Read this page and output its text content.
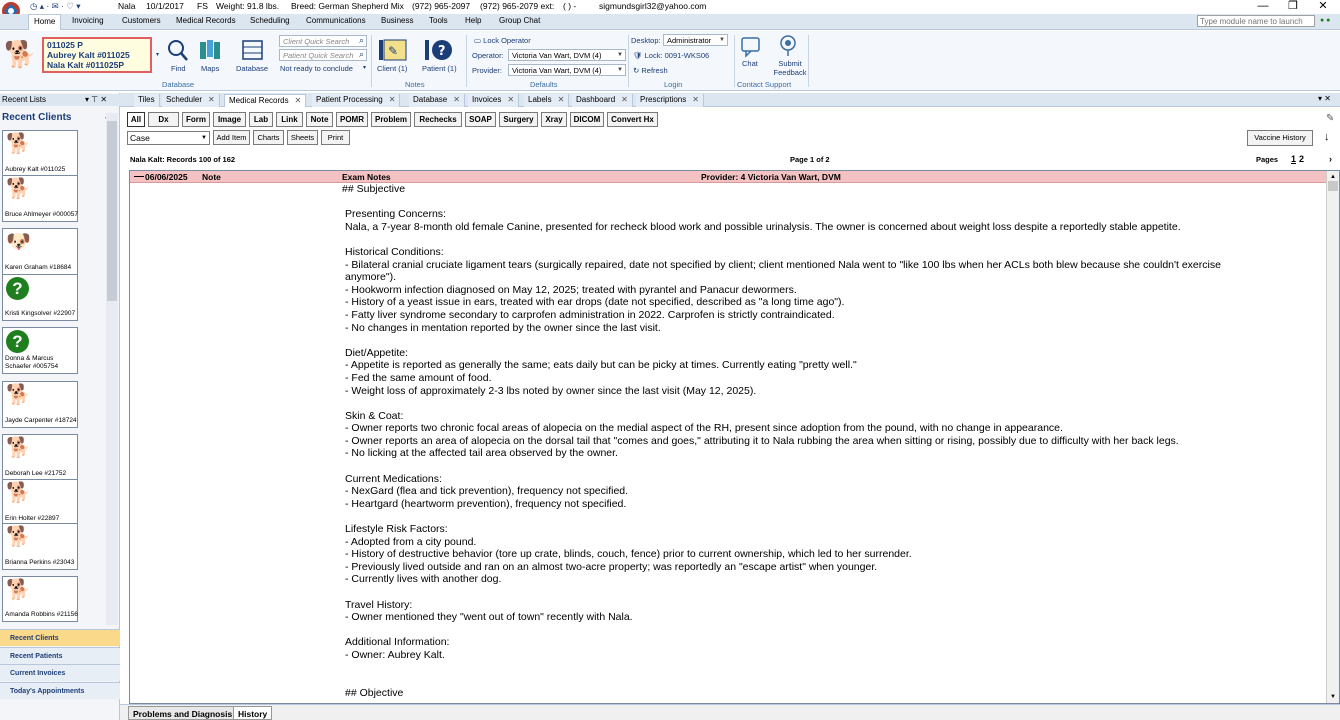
◷ ▴ · ✉ · ♡ ▾	Nala 10/1/2017 FS Weight: 91.8 lbs. Breed: German Shepherd Mix (972) 965-2097 (972) 965-2079 ext: ( ) -	sigmundsgirl32@yahoo.com	—	❐	✕
Home	Invoicing Customers Medical Records Scheduling Communications Business Tools Help Group Chat
Type module name to launch	● ●
🐕 011025 P
Aubrey Kalt #011025
Nala Kalt #011025P
▾
Find Maps Database
Client Quick Search ⌕
Patient Quick Search ⌕
Not ready to conclude ▾
Database
✎
Client (1)
?
Patient (1)
Notes
▭ Lock Operator
Operator:	Victoria Van Wart, DVM (4)	▼
Provider:	Victoria Van Wart, DVM (4)	▼
Defaults
Desktop: Administrator ▼
🛡 Lock: 0091-WKS06
↻ Refresh
Login
Chat	Submit Feedback
Contact Support
Recent Lists	▾ ⊤ ✕
Recent Clients
🐕
Aubrey Kalt #011025
🐕
Bruce Ahlmeyer #000057
🐶
Karen Graham #18684
?
Kristi Kingsolver #22907
?
Donna & Marcus Schaefer #005754
🐕
Jayde Carpenter #18724
🐕
Deborah Lee #21752
🐕
Erin Holter #22897
🐕
Brianna Perkins #23043
🐕
Amanda Robbins #21156
Recent Clients
Recent Patients
Current Invoices
Today's Appointments
Tiles	Scheduler ✕	Medical Records ✕	Patient Processing ✕	Database ✕	Invoices ✕	Labels ✕	Dashboard ✕	Prescriptions ✕	▾ ✕
All	Dx	Form	Image	Lab	Link	Note	POMR	Problem	Rechecks	SOAP	Surgery	Xray	DICOM	Convert Hx	✎
Case	▼	Add Item	Charts	Sheets	Print	Vaccine History	↓
Nala Kalt: Records 100 of 162	Page 1 of 2	Pages 1 2	›
— 06/06/2025 Note	Exam Notes	Provider: 4 Victoria Van Wart, DVM
## Subjective
Presenting Concerns:
Nala, a 7-year 8-month old female Canine, presented for recheck blood work and possible urinalysis. The owner is concerned about weight loss despite a reportedly stable appetite.
Historical Conditions:
- Bilateral cranial cruciate ligament tears (surgically repaired, date not specified by client; client mentioned Nala went to "like 100 lbs when her ACLs both blew because she couldn't exercise
anymore").
- Hookworm infection diagnosed on May 12, 2025; treated with pyrantel and Panacur dewormers.
- History of a yeast issue in ears, treated with ear drops (date not specified, described as "a long time ago").
- Fatty liver syndrome secondary to carprofen administration in 2022. Carprofen is strictly contraindicated.
- No changes in mentation reported by the owner since the last visit.
Diet/Appetite:
- Appetite is reported as generally the same; eats daily but can be picky at times. Currently eating "pretty well."
- Fed the same amount of food.
- Weight loss of approximately 2-3 lbs noted by owner since the last visit (May 12, 2025).
Skin & Coat:
- Owner reports two chronic focal areas of alopecia on the medial aspect of the RH, present since adoption from the pound, with no change in appearance.
- Owner reports an area of alopecia on the dorsal tail that "comes and goes," attributing it to Nala rubbing the area when sitting or rising, possibly due to difficulty with her back legs.
- No licking at the affected tail area observed by the owner.
Current Medications:
- NexGard (flea and tick prevention), frequency not specified.
- Heartgard (heartworm prevention), frequency not specified.
Lifestyle Risk Factors:
- Adopted from a city pound.
- History of destructive behavior (tore up crate, blinds, couch, fence) prior to current ownership, which led to her surrender.
- Previously lived outside and ran on an almost two-acre property; was reportedly an "escape artist" when younger.
- Currently lives with another dog.
Travel History:
- Owner mentioned they "went out of town" recently with Nala.
Additional Information:
- Owner: Aubrey Kalt.
## Objective
▲
▼
Problems and Diagnosis History
